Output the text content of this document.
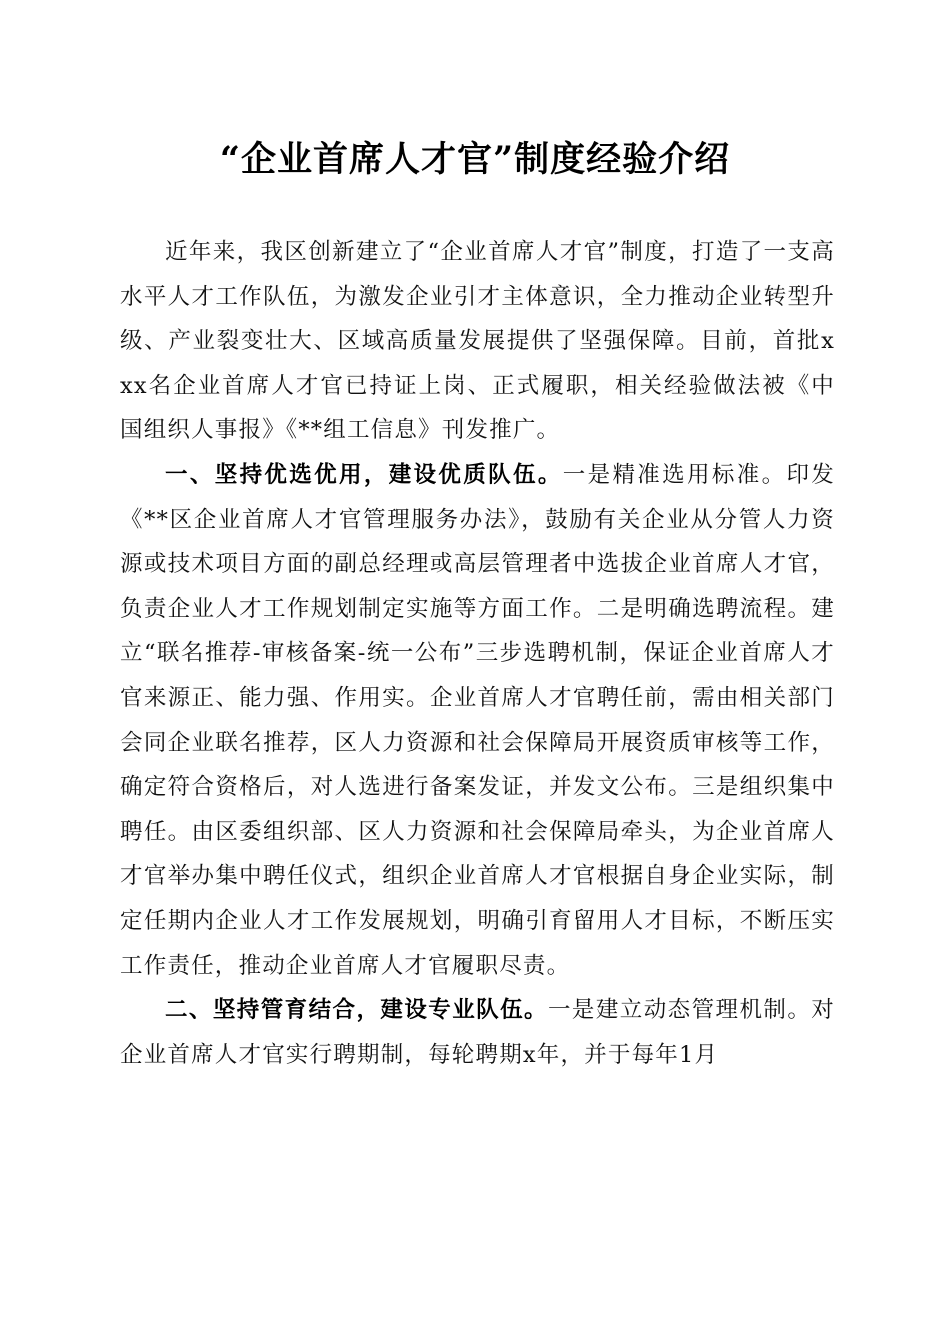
“企业首席人才官”制度经验介绍

近年来，我区创新建立了“企业首席人才官”制度，打造了一支高水平人才工作队伍，为激发企业引才主体意识，全力推动企业转型升级、产业裂变壮大、区域高质量发展提供了坚强保障。目前，首批xxx名企业首席人才官已持证上岗、正式履职，相关经验做法被《中国组织人事报》《**组工信息》刊发推广。

一、坚持优选优用，建设优质队伍。一是精准选用标准。印发《**区企业首席人才官管理服务办法》，鼓励有关企业从分管人力资源或技术项目方面的副总经理或高层管理者中选拔企业首席人才官，负责企业人才工作规划制定实施等方面工作。二是明确选聘流程。建立“联名推荐-审核备案-统一公布”三步选聘机制，保证企业首席人才官来源正、能力强、作用实。企业首席人才官聘任前，需由相关部门会同企业联名推荐，区人力资源和社会保障局开展资质审核等工作，确定符合资格后，对人选进行备案发证，并发文公布。三是组织集中聘任。由区委组织部、区人力资源和社会保障局牵头，为企业首席人才官举办集中聘任仪式，组织企业首席人才官根据自身企业实际，制定任期内企业人才工作发展规划，明确引育留用人才目标，不断压实工作责任，推动企业首席人才官履职尽责。

二、坚持管育结合，建设专业队伍。一是建立动态管理机制。对企业首席人才官实行聘期制，每轮聘期x年，并于每年1月
